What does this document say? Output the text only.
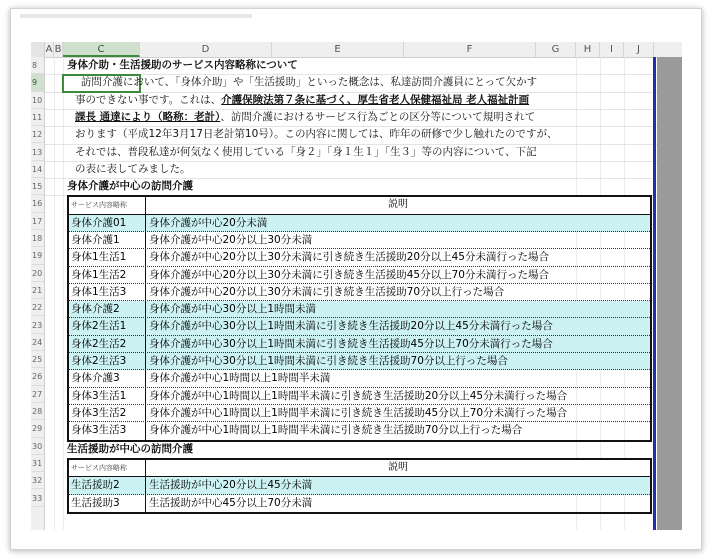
A B	C	D	E	F	G	H	I	J
8
9
10
11
12
13
14
15
16
17
18
19
20
21
22
23
24
25
26
27
28
29
30
31
32
33
身体介助・生活援助のサービス内容略称について
　 訪問介護において、「身体介助」や「生活援助」といった概念は、私達訪問介護員にとって欠かす
事のできない事です。これは、介護保険法第７条に基づく、厚生省老人保健福祉局 老人福祉計画
課長 通達により（略称：老計）、訪問介護におけるサービス行為ごとの区分等について規明されて
おります（平成12年3月17日老計第10号）。この内容に関しては、昨年の研修で少し触れたのですが、
それでは、普段私達が何気なく使用している「身２」「身１生１」「生３」等の内容について、下記
の表に表してみました。
身体介護が中心の訪問介護
サービス内容略称	説明
身体介護01	身体介護が中心20分未満
身体介護1	身体介護が中心20分以上30分未満
身体1生活1	身体介護が中心20分以上30分未満に引き続き生活援助20分以上45分未満行った場合
身体1生活2	身体介護が中心20分以上30分未満に引き続き生活援助45分以上70分未満行った場合
身体1生活3	身体介護が中心20分以上30分未満に引き続き生活援助70分以上行った場合
身体介護2	身体介護が中心30分以上1時間未満
身体2生活1	身体介護が中心30分以上1時間未満に引き続き生活援助20分以上45分未満行った場合
身体2生活2	身体介護が中心30分以上1時間未満に引き続き生活援助45分以上70分未満行った場合
身体2生活3	身体介護が中心30分以上1時間未満に引き続き生活援助70分以上行った場合
身体介護3	身体介護が中心1時間以上1時間半未満
身体3生活1	身体介護が中心1時間以上1時間半未満に引き続き生活援助20分以上45分未満行った場合
身体3生活2	身体介護が中心1時間以上1時間半未満に引き続き生活援助45分以上70分未満行った場合
身体3生活3	身体介護が中心1時間以上1時間半未満に引き続き生活援助70分以上行った場合
生活援助が中心の訪問介護
サービス内容略称	説明
生活援助2	生活援助が中心20分以上45分未満
生活援助3	生活援助が中心45分以上70分未満
